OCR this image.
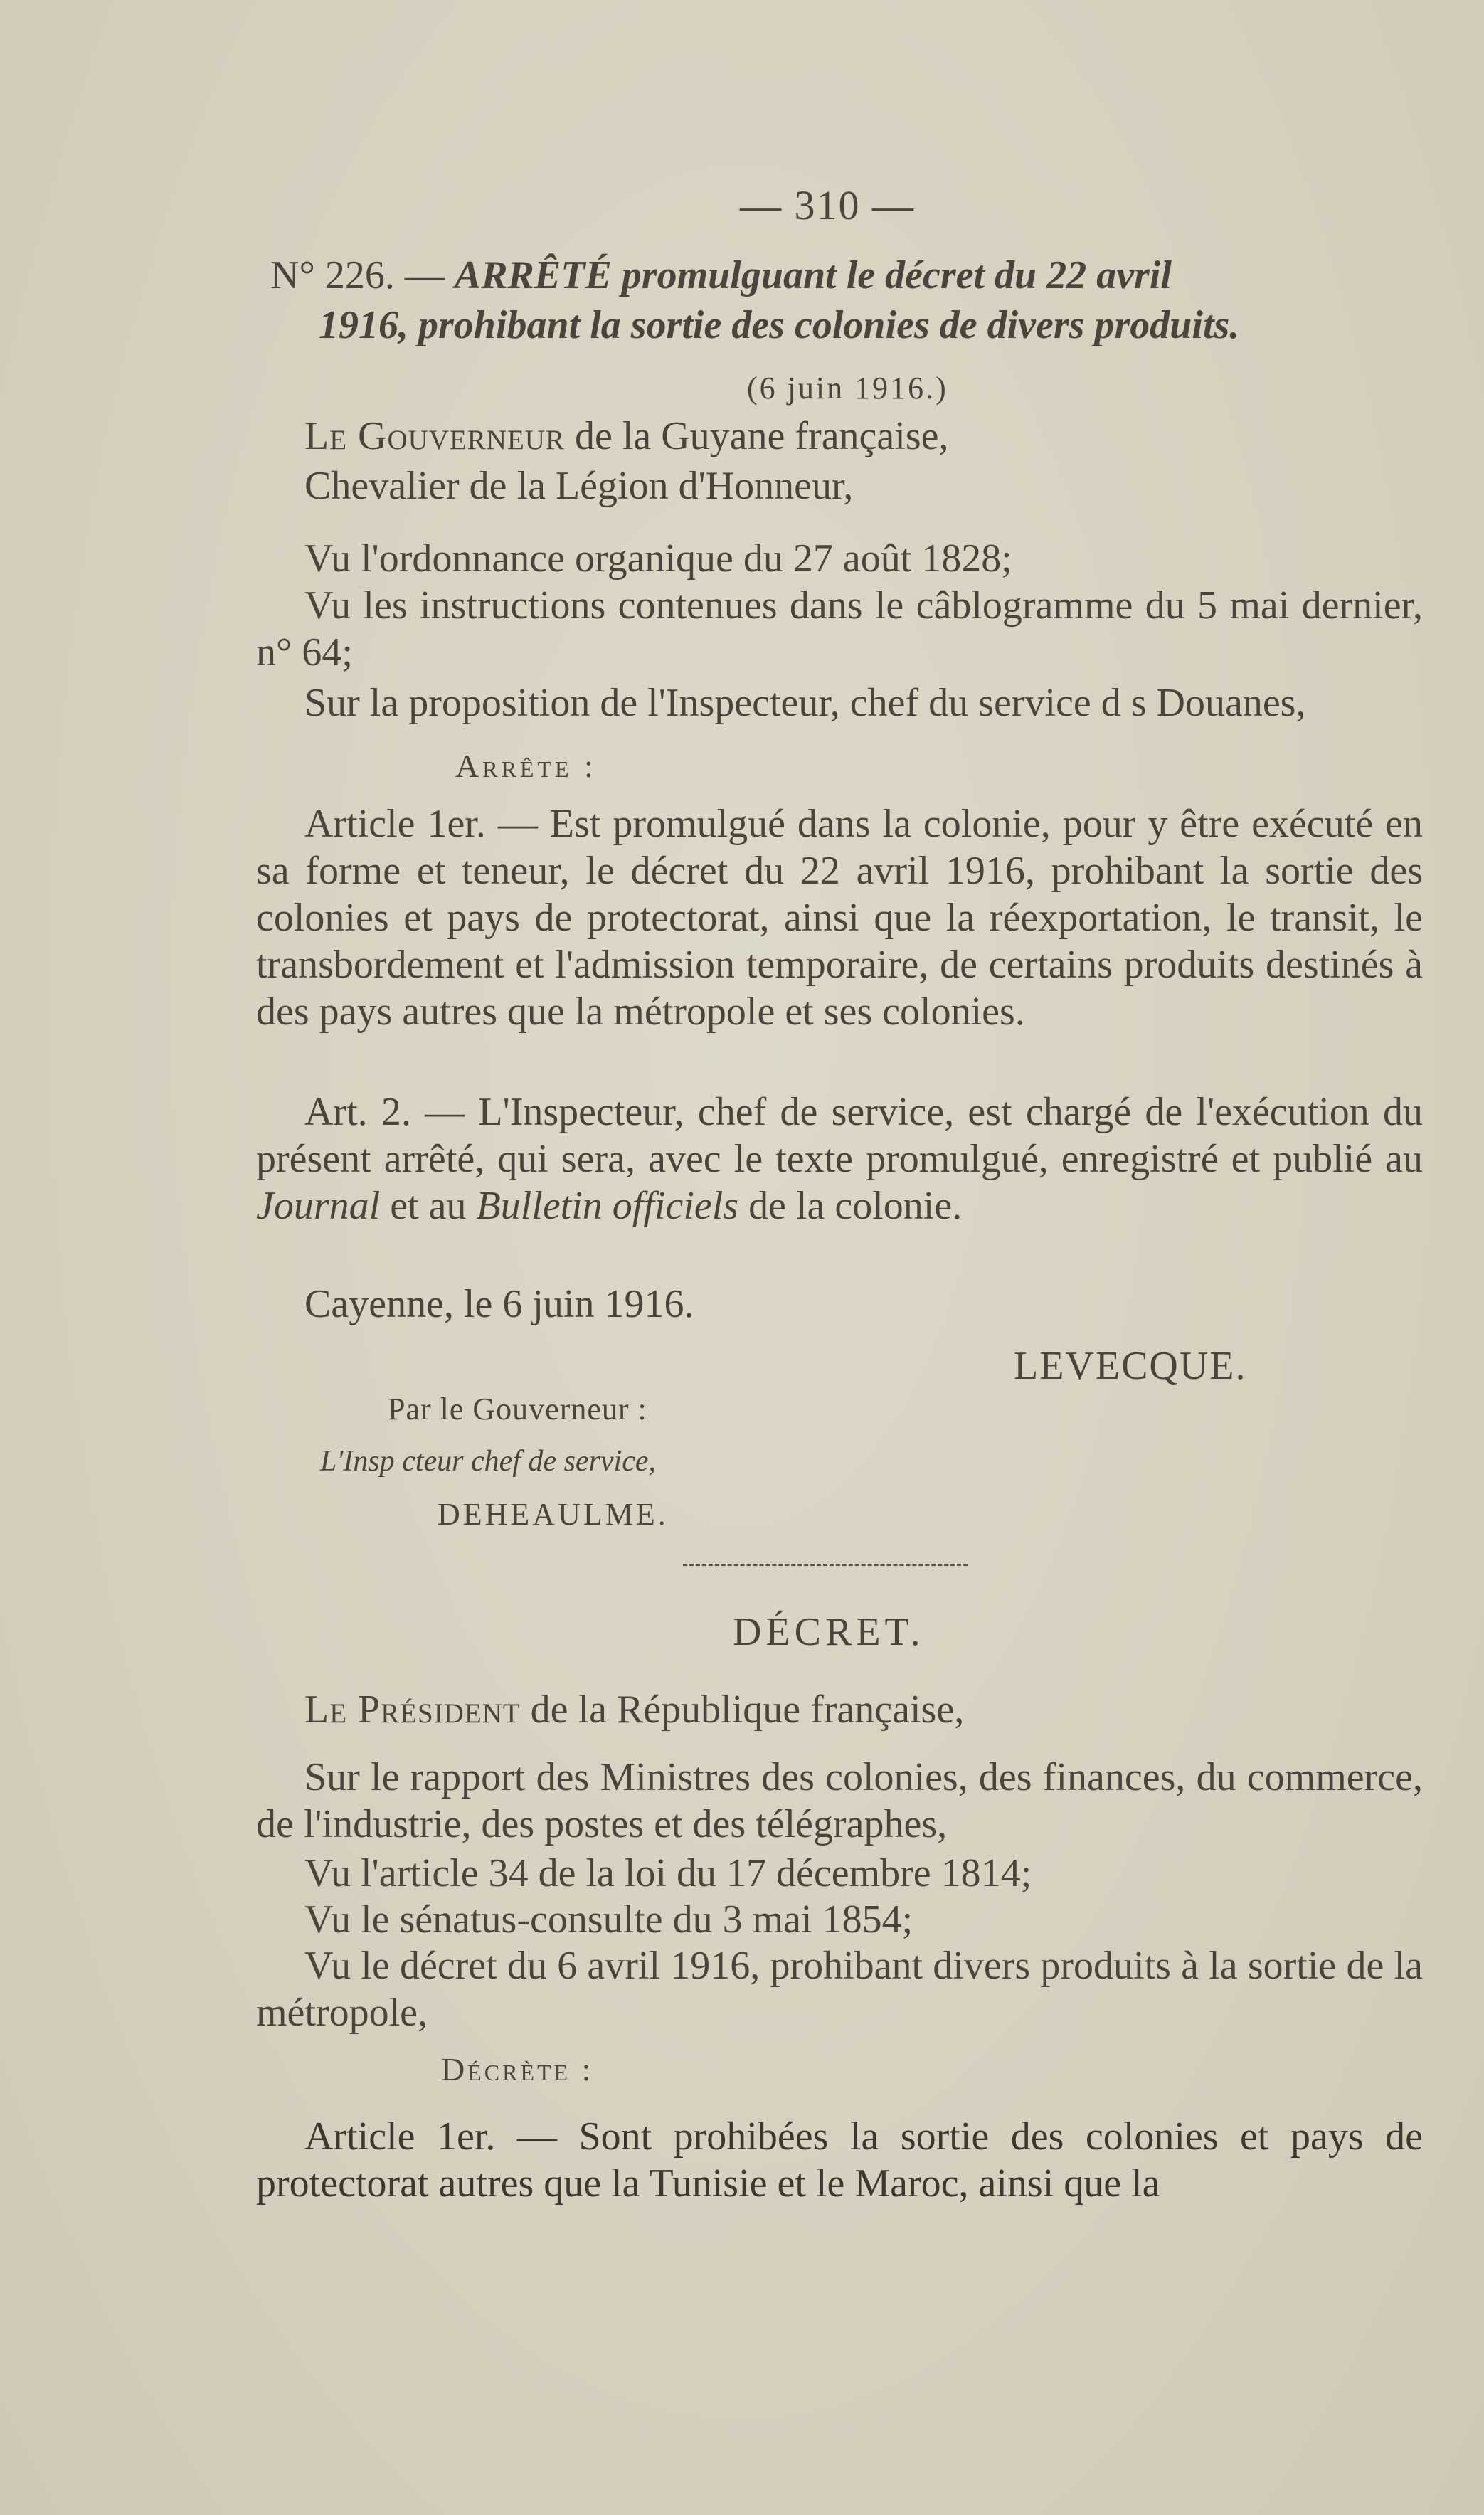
— 310 —
N° 226. — ARRÊTÉ promulguant le décret du 22 avril
1916, prohibant la sortie des colonies de divers produits.
(6 juin 1916.)
Le Gouverneur de la Guyane française,
Chevalier de la Légion d'Honneur,
Vu l'ordonnance organique du 27 août 1828;
Vu les instructions contenues dans le câblogramme du 5 mai dernier, n° 64;
Sur la proposition de l'Inspecteur, chef du service d s Douanes,
Arrête :
Article 1er. — Est promulgué dans la colonie, pour y être exécuté en sa forme et teneur, le décret du 22 avril 1916, prohibant la sortie des colonies et pays de protectorat, ainsi que la réexportation, le transit, le transbordement et l'admission temporaire, de certains produits destinés à des pays autres que la métropole et ses colonies.
Art. 2. — L'Inspecteur, chef de service, est chargé de l'exécution du présent arrêté, qui sera, avec le texte promulgué, enregistré et publié au Journal et au Bulletin officiels de la colonie.
Cayenne, le 6 juin 1916.
LEVECQUE.
Par le Gouverneur :
L'Insp cteur chef de service,
DEHEAULME.
DÉCRET.
Le Président de la République française,
Sur le rapport des Ministres des colonies, des finances, du commerce, de l'industrie, des postes et des télégraphes,
Vu l'article 34 de la loi du 17 décembre 1814;
Vu le sénatus-consulte du 3 mai 1854;
Vu le décret du 6 avril 1916, prohibant divers produits à la sortie de la métropole,
Décrète :
Article 1er. — Sont prohibées la sortie des colonies et pays de protectorat autres que la Tunisie et le Maroc, ainsi que la
